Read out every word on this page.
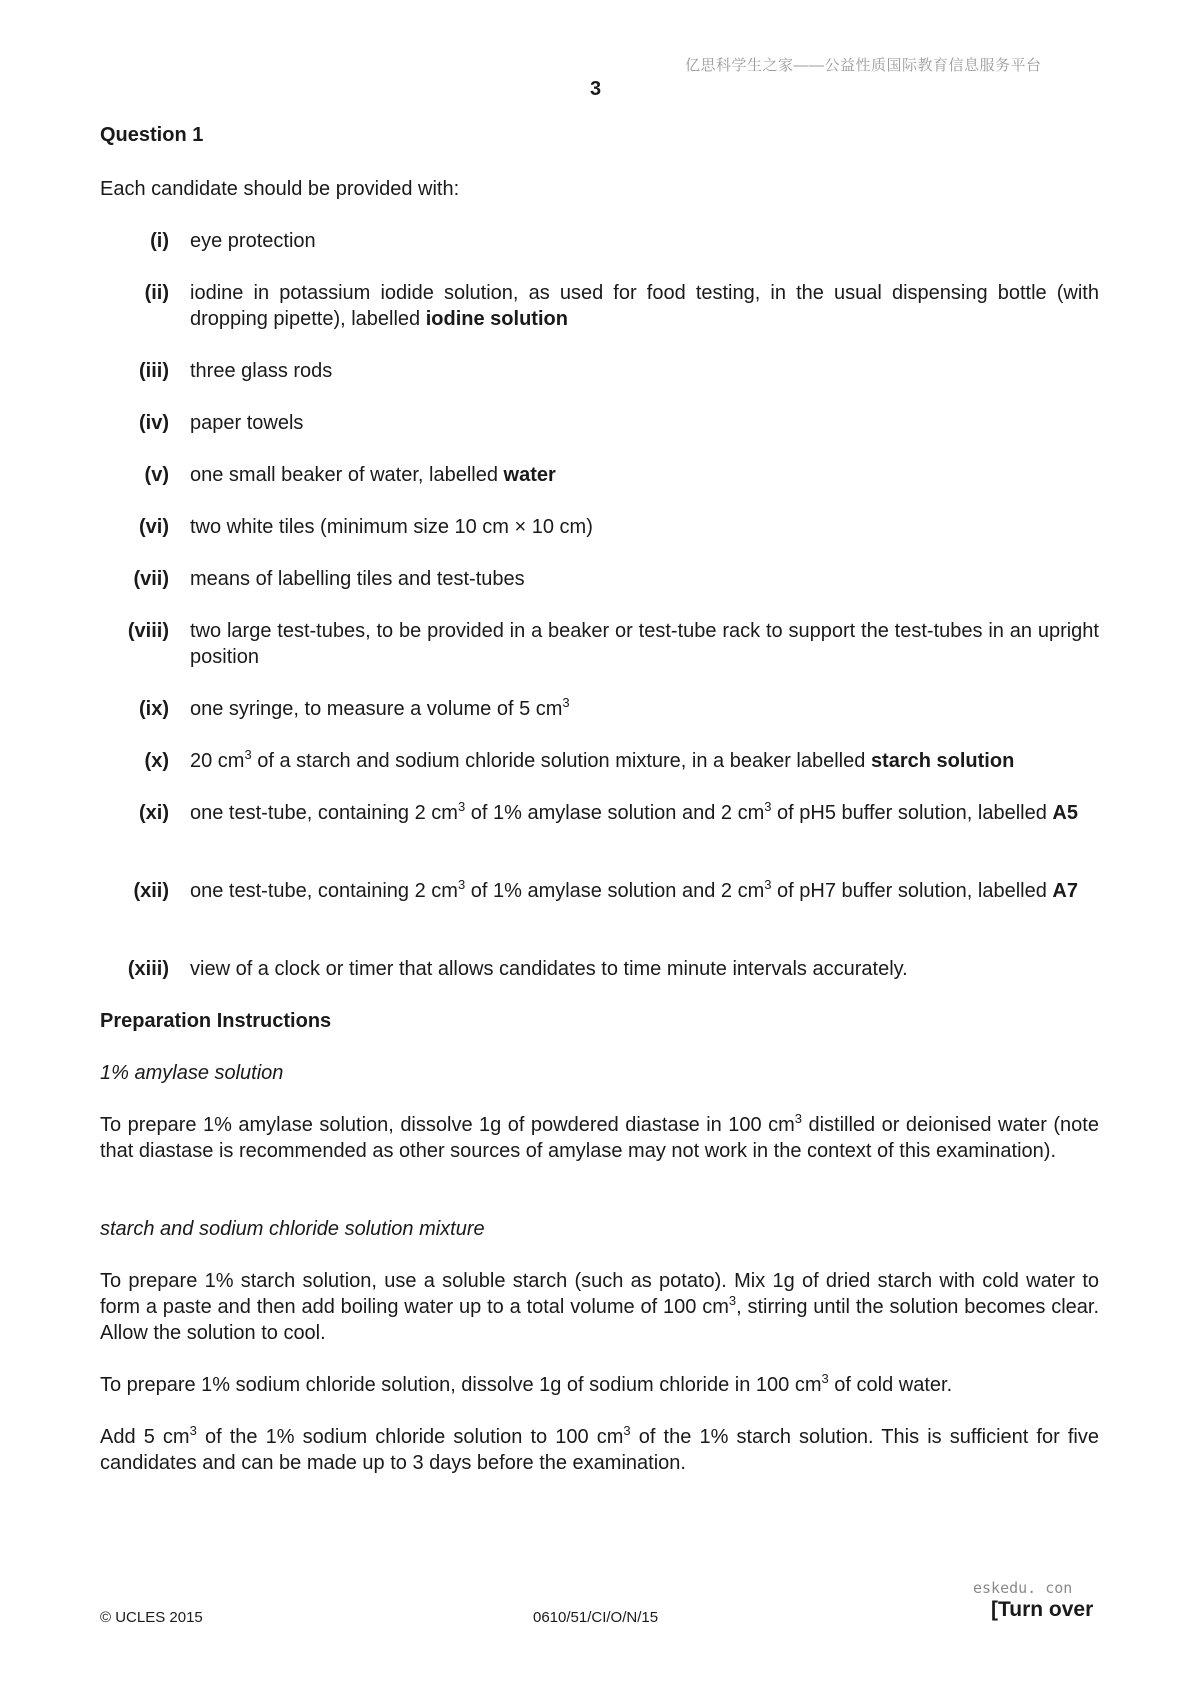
亿思科学生之家——公益性质国际教育信息服务平台
3
Question 1
Each candidate should be provided with:
(i) eye protection
(ii) iodine in potassium iodide solution, as used for food testing, in the usual dispensing bottle (with dropping pipette), labelled iodine solution
(iii) three glass rods
(iv) paper towels
(v) one small beaker of water, labelled water
(vi) two white tiles (minimum size 10 cm × 10 cm)
(vii) means of labelling tiles and test-tubes
(viii) two large test-tubes, to be provided in a beaker or test-tube rack to support the test-tubes in an upright position
(ix) one syringe, to measure a volume of 5 $cm^3$
(x) 20 $cm^3$ of a starch and sodium chloride solution mixture, in a beaker labelled starch solution
(xi) one test-tube, containing 2 $cm^3$ of 1% amylase solution and 2 $cm^3$ of pH5 buffer solution, labelled A5
(xii) one test-tube, containing 2 $cm^3$ of 1% amylase solution and 2 $cm^3$ of pH7 buffer solution, labelled A7
(xiii) view of a clock or timer that allows candidates to time minute intervals accurately.
Preparation Instructions
1% amylase solution
To prepare 1% amylase solution, dissolve 1g of powdered diastase in 100 $cm^3$ distilled or deionised water (note that diastase is recommended as other sources of amylase may not work in the context of this examination).
starch and sodium chloride solution mixture
To prepare 1% starch solution, use a soluble starch (such as potato). Mix 1g of dried starch with cold water to form a paste and then add boiling water up to a total volume of 100 $cm^3$, stirring until the solution becomes clear. Allow the solution to cool.
To prepare 1% sodium chloride solution, dissolve 1g of sodium chloride in 100 $cm^3$ of cold water.
Add 5 $cm^3$ of the 1% sodium chloride solution to 100 $cm^3$ of the 1% starch solution. This is sufficient for five candidates and can be made up to 3 days before the examination.
eskedu. con
© UCLES 2015	0610/51/CI/O/N/15	[Turn over
